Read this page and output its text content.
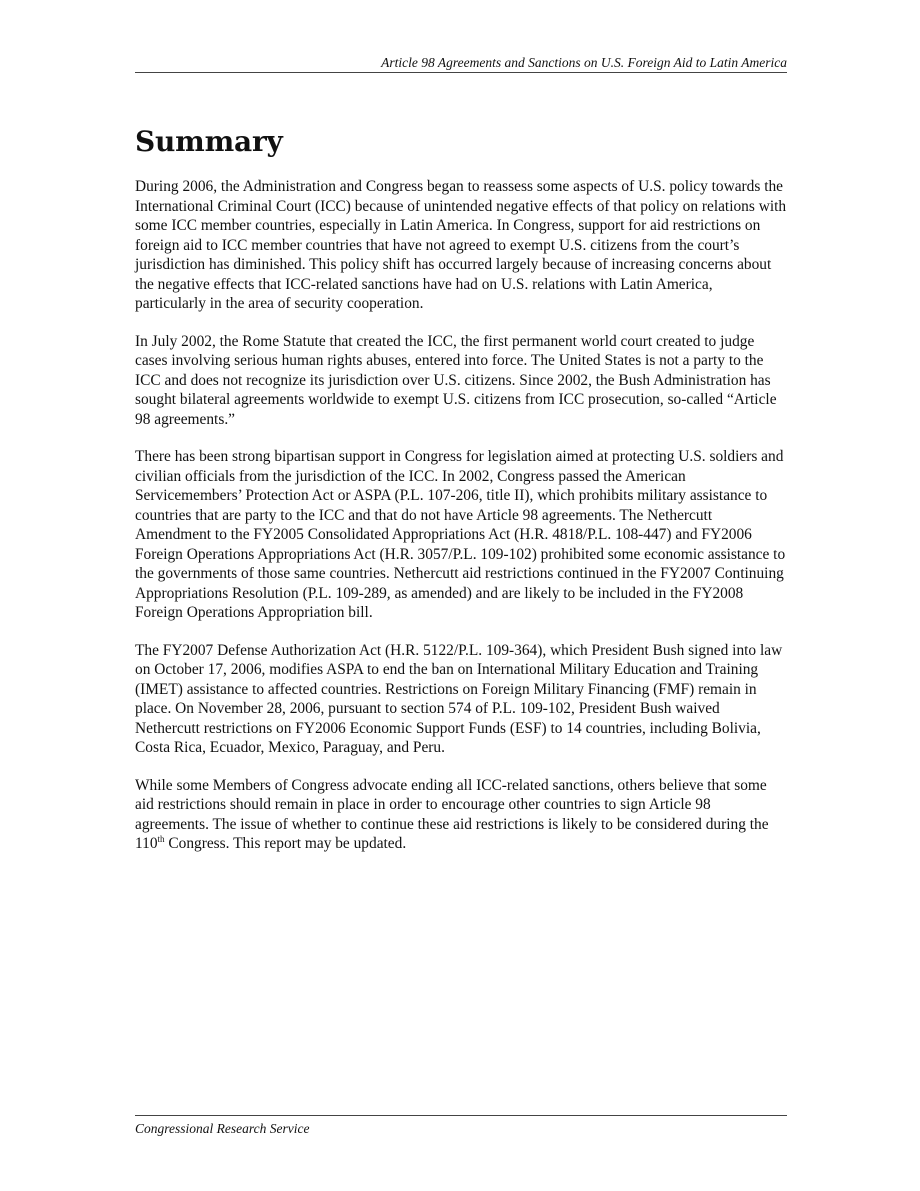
Article 98 Agreements and Sanctions on U.S. Foreign Aid to Latin America
Summary

During 2006, the Administration and Congress began to reassess some aspects of U.S. policy towards the International Criminal Court (ICC) because of unintended negative effects of that policy on relations with some ICC member countries, especially in Latin America. In Congress, support for aid restrictions on foreign aid to ICC member countries that have not agreed to exempt U.S. citizens from the court’s jurisdiction has diminished. This policy shift has occurred largely because of increasing concerns about the negative effects that ICC-related sanctions have had on U.S. relations with Latin America, particularly in the area of security cooperation.

In July 2002, the Rome Statute that created the ICC, the first permanent world court created to judge cases involving serious human rights abuses, entered into force. The United States is not a party to the ICC and does not recognize its jurisdiction over U.S. citizens. Since 2002, the Bush Administration has sought bilateral agreements worldwide to exempt U.S. citizens from ICC prosecution, so-called “Article 98 agreements.”

There has been strong bipartisan support in Congress for legislation aimed at protecting U.S. soldiers and civilian officials from the jurisdiction of the ICC. In 2002, Congress passed the American Servicemembers’ Protection Act or ASPA (P.L. 107-206, title II), which prohibits military assistance to countries that are party to the ICC and that do not have Article 98 agreements. The Nethercutt Amendment to the FY2005 Consolidated Appropriations Act (H.R. 4818/P.L. 108-447) and FY2006 Foreign Operations Appropriations Act (H.R. 3057/P.L. 109-102) prohibited some economic assistance to the governments of those same countries. Nethercutt aid restrictions continued in the FY2007 Continuing Appropriations Resolution (P.L. 109-289, as amended) and are likely to be included in the FY2008 Foreign Operations Appropriation bill.

The FY2007 Defense Authorization Act (H.R. 5122/P.L. 109-364), which President Bush signed into law on October 17, 2006, modifies ASPA to end the ban on International Military Education and Training (IMET) assistance to affected countries. Restrictions on Foreign Military Financing (FMF) remain in place. On November 28, 2006, pursuant to section 574 of P.L. 109-102, President Bush waived Nethercutt restrictions on FY2006 Economic Support Funds (ESF) to 14 countries, including Bolivia, Costa Rica, Ecuador, Mexico, Paraguay, and Peru.

While some Members of Congress advocate ending all ICC-related sanctions, others believe that some aid restrictions should remain in place in order to encourage other countries to sign Article 98 agreements. The issue of whether to continue these aid restrictions is likely to be considered during the 110th Congress. This report may be updated.

Congressional Research Service
